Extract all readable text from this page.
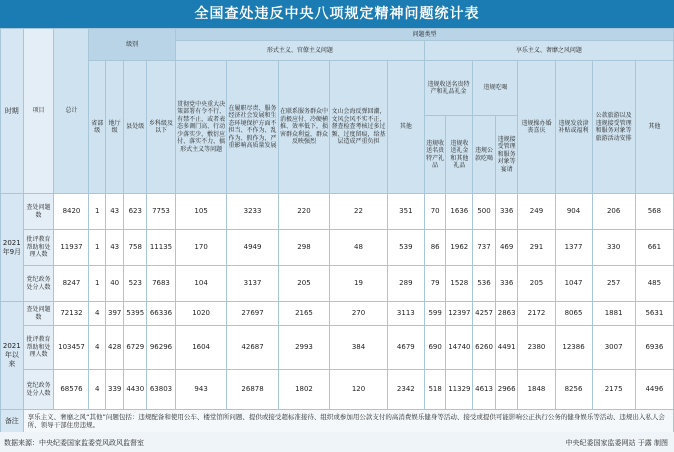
全国查处违反中央八项规定精神问题统计表
时期	项目	总计	级别				问题类型												
							形式主义、官僚主义问题					享乐主义、奢靡之风问题							
			省部级	地厅级	县处级	乡科级及以下	贯彻党中央重大决策部署有令不行、有禁不止，或者表态多调门高、行动少落实少，敷衍应付、落实不力，搞形式主义等问题	在履职尽责、服务经济社会发展和生态环境保护方面不担当、不作为、乱作为、假作为，严重影响高质量发展	在联系服务群众中消极应付、冷硬横推、效率低下，损害群众利益，群众反映强烈	文山会海反弹回潮，文风会风不实不正，督查检查考核过多过频、过度留痕，给基层造成严重负担	其他	违规收送名贵特产和礼品礼金		违规吃喝		违规操办婚丧喜庆	违规发放津补贴或福利	公款旅游以及违规接受管理和服务对象等旅游活动安排	其他
												违规收送名贵特产礼品	违规收送礼金和其他礼品	违规公款吃喝	违规接受管理和服务对象等宴请				
2021年9月	查处问题数	8420	1	43	623	7753	105	3233	220	22	351	70	1636	500	336	249	904	206	568
	批评教育帮助和处理人数	11937	1	43	758	11135	170	4949	298	48	539	86	1962	737	469	291	1377	330	661
	党纪政务处分人数	8247	1	40	523	7683	104	3137	205	19	289	79	1528	536	336	205	1047	257	485
2021年以来	查处问题数	72132	4	397	5395	66336	1020	27697	2165	270	3113	599	12397	4257	2863	2172	8065	1881	5631
	批评教育帮助和处理人数	103457	4	428	6729	96296	1604	42687	2993	384	4679	690	14740	6260	4491	2380	12386	3007	6936
	党纪政务处分人数	68576	4	339	4430	63803	943	26878	1802	120	2342	518	11329	4613	2966	1848	8256	2175	4496
备注	享乐主义、奢靡之风“其他”问题包括：违规配备和使用公车、楼堂馆所问题、提供或接受超标准接待、组织或参加用公款支付的高消费娱乐健身等活动、接受或提供可能影响公正执行公务的健身娱乐等活动、违规出入私人会所、领导干部住房违规。																		
数据来源：中央纪委国家监委党风政风监督室	中央纪委国家监委网站 于露 制图
